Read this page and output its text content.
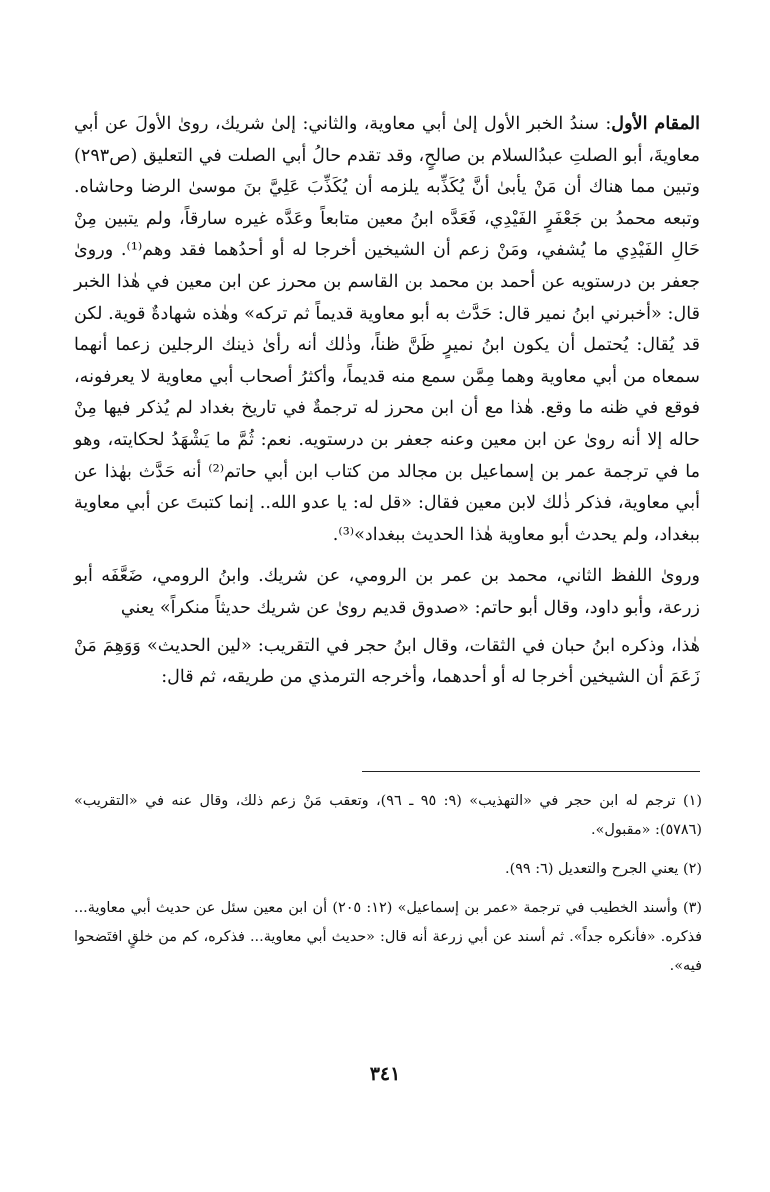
المقام الأول: سندُ الخبر الأول إلىٰ أبي معاوية، والثاني: إلىٰ شريك، رویٰ الأولَ عن أبي معاويةَ، أبو الصلتِ عبدُالسلام بن صالحٍ، وقد تقدم حالُ أبي الصلت في التعليق (ص٢٩٣) وتبين مما هناك أن مَنْ يأبیٰ أنَّ يُكَذِّبه يلزمه أن يُكَذِّبَ عَلِيَّ بنَ موسیٰ الرضا وحاشاه. وتبعه محمدُ بن جَعْفَرٍ الفَيْدِي، فَعَدَّه ابنُ معين متابعاً وعَدَّه غيره سارقاً، ولم يتبين مِنْ حَالِ الفَيْدِي ما يُشفي، ومَنْ زعم أن الشيخين أخرجا له أو أحدُهما فقد وهم⁽¹⁾. ورویٰ جعفر بن درستويه عن أحمد بن محمد بن القاسم بن محرز عن ابن معين في هٰذا الخبر قال: «أخبرني ابنُ نمير قال: حَدَّث به أبو معاوية قديماً ثم تركه» وهٰذه شهادةٌ قوية. لكن قد يُقال: يُحتمل أن يكون ابنُ نميرٍ ظَنَّ ظناً، وذٰلك أنه رأیٰ ذينك الرجلين زعما أنهما سمعاه من أبي معاوية وهما مِمَّن سمع منه قديماً، وأكثرُ أصحاب أبي معاوية لا يعرفونه، فوقع في ظنه ما وقع. هٰذا مع أن ابن محرز له ترجمةٌ في تاريخ بغداد لم يُذكر فيها مِنْ حاله إلا أنه رویٰ عن ابن معين وعنه جعفر بن درستويه. نعم: ثُمَّ ما يَشْهَدُ لحكايته، وهو ما في ترجمة عمر بن إسماعيل بن مجالد من كتاب ابن أبي حاتم⁽²⁾ أنه حَدَّث بهٰذا عن أبي معاوية، فذكر ذٰلك لابن معين فقال: «قل له: يا عدو الله.. إنما كتبتَ عن أبي معاوية ببغداد، ولم يحدث أبو معاوية هٰذا الحديث ببغداد»⁽³⁾.

ورویٰ اللفظ الثاني، محمد بن عمر بن الرومي، عن شريك. وابنُ الرومي، ضَعَّفَه أبو زرعة، وأبو داود، وقال أبو حاتم: «صدوق قديم رویٰ عن شريك حديثاً منكراً» يعني

هٰذا، وذكره ابنُ حبان في الثقات، وقال ابنُ حجر في التقريب: «لين الحديث» وَوَهِمَ مَنْ زَعَمَ أن الشيخين أخرجا له أو أحدهما، وأخرجه الترمذي من طريقه، ثم قال:

(١) ترجم له ابن حجر في «التهذيب» (٩: ٩٥ ـ ٩٦)، وتعقب مَنْ زعم ذلك، وقال عنه في «التقريب» (٥٧٨٦): «مقبول».

(٢) يعني الجرح والتعديل (٦: ٩٩).

(٣) وأسند الخطيب في ترجمة «عمر بن إسماعيل» (١٢: ٢٠٥) أن ابن معين سئل عن حديث أبي معاوية... فذكره. «فأنكره جداً». ثم أسند عن أبي زرعة أنه قال: «حديث أبي معاوية... فذكره، كم من خلقٍ افتَضحوا فيه».

٣٤١
